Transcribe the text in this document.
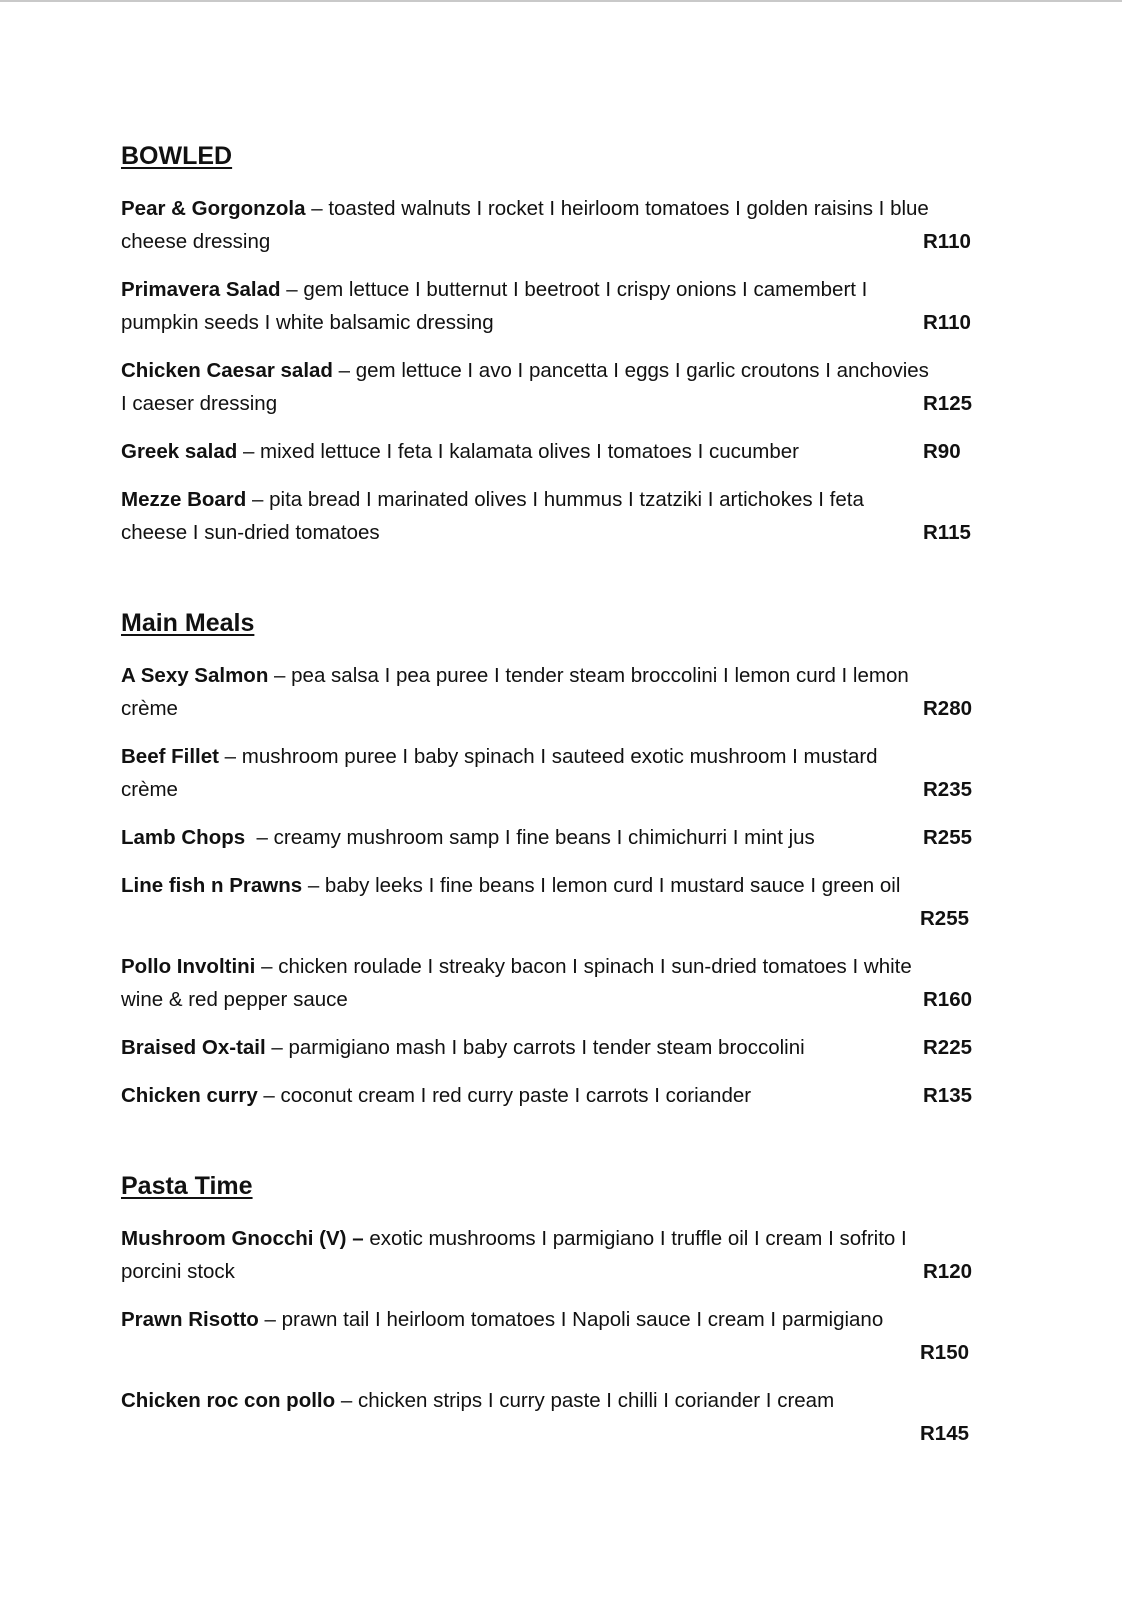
BOWLED
Pear & Gorgonzola – toasted walnuts I rocket I heirloom tomatoes I golden raisins I blue
cheese dressing	R110
Primavera Salad – gem lettuce I butternut I beetroot I crispy onions I camembert I
pumpkin seeds I white balsamic dressing	R110
Chicken Caesar salad – gem lettuce I avo I pancetta I eggs I garlic croutons I anchovies
I caeser dressing	R125
Greek salad – mixed lettuce I feta I kalamata olives I tomatoes I cucumber	R90
Mezze Board – pita bread I marinated olives I hummus I tzatziki I artichokes I feta
cheese I sun-dried tomatoes	R115
Main Meals
A Sexy Salmon – pea salsa I pea puree I tender steam broccolini I lemon curd I lemon
crème	R280
Beef Fillet – mushroom puree I baby spinach I sauteed exotic mushroom I mustard
crème	R235
Lamb Chops  – creamy mushroom samp I fine beans I chimichurri I mint jus	R255
Line fish n Prawns – baby leeks I fine beans I lemon curd I mustard sauce I green oil
R255
Pollo Involtini – chicken roulade I streaky bacon I spinach I sun-dried tomatoes I white
wine & red pepper sauce	R160
Braised Ox-tail – parmigiano mash I baby carrots I tender steam broccolini	R225
Chicken curry – coconut cream I red curry paste I carrots I coriander	R135
Pasta Time
Mushroom Gnocchi (V) – exotic mushrooms I parmigiano I truffle oil I cream I sofrito I
porcini stock	R120
Prawn Risotto – prawn tail I heirloom tomatoes I Napoli sauce I cream I parmigiano
R150
Chicken roc con pollo – chicken strips I curry paste I chilli I coriander I cream
R145
